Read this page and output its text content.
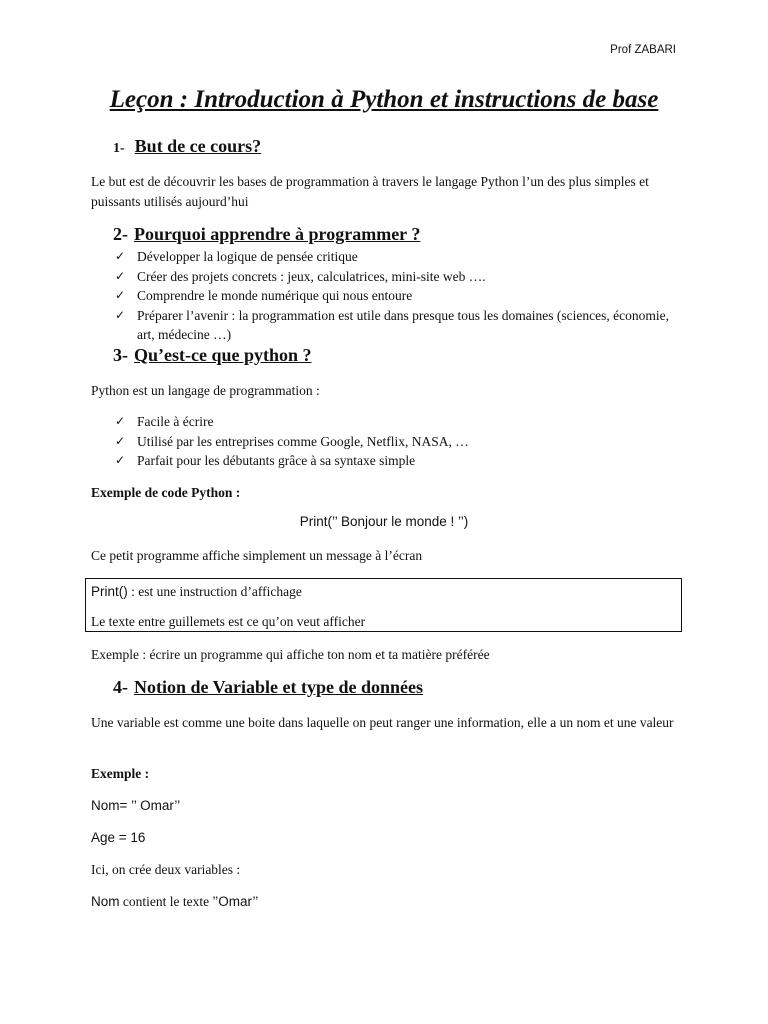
Prof ZABARI
Leçon : Introduction à Python et instructions de base
1- But de ce cours?
Le but est de découvrir les bases de programmation à travers le langage Python l’un des plus simples et puissants utilisés aujourd’hui
2- Pourquoi apprendre à programmer ?
✓ Développer la logique de pensée critique
✓ Créer des projets concrets : jeux, calculatrices, mini-site web ….
✓ Comprendre le monde numérique qui nous entoure
✓ Préparer l’avenir : la programmation est utile dans presque tous les domaines (sciences, économie, art, médecine …)
3- Qu’est-ce que python ?
Python est un langage de programmation :
✓ Facile à écrire
✓ Utilisé par les entreprises comme Google, Netflix, NASA, …
✓ Parfait pour les débutants grâce à sa syntaxe simple
Exemple de code Python :
Print(’’ Bonjour le monde ! ’’)
Ce petit programme affiche simplement un message à l’écran
Print() : est une instruction d’affichage
Le texte entre guillemets est ce qu’on veut afficher
Exemple : écrire un programme qui affiche ton nom et ta matière préférée
4- Notion de Variable et type de données
Une variable est comme une boite dans laquelle on peut ranger une information, elle a un nom et une valeur
Exemple :
Nom= ’’ Omar’’
Age = 16
Ici, on crée deux variables :
Nom contient le texte ’’Omar’’
